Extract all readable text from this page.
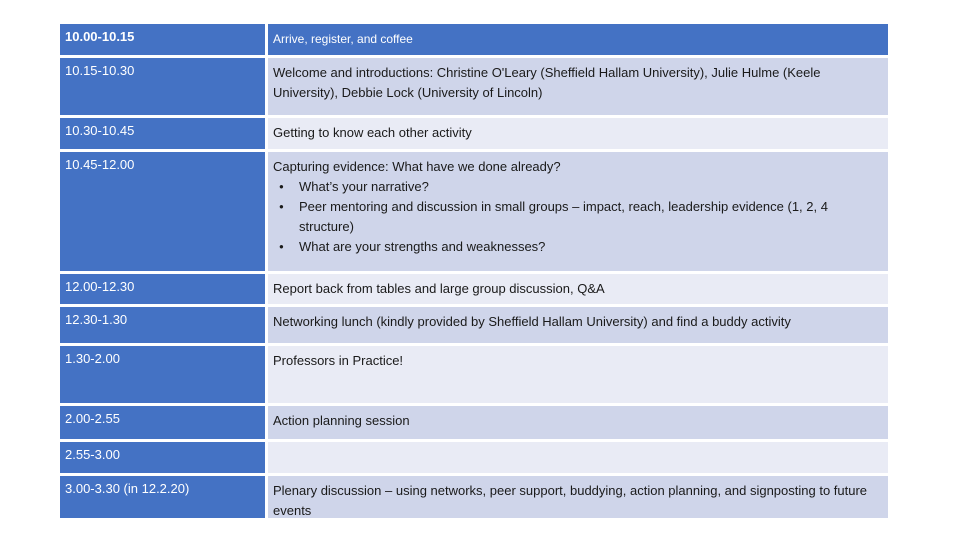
10.00-10.15	Arrive, register, and coffee
10.15-10.30	Welcome and introductions: Christine O'Leary (Sheffield Hallam University), Julie Hulme (Keele University), Debbie Lock (University of Lincoln)
10.30-10.45	Getting to know each other activity
10.45-12.00	Capturing evidence: What have we done already?
● What’s your narrative?
● Peer mentoring and discussion in small groups – impact, reach, leadership evidence (1, 2, 4 structure)
● What are your strengths and weaknesses?
12.00-12.30	Report back from tables and large group discussion, Q&A
12.30-1.30	Networking lunch (kindly provided by Sheffield Hallam University) and find a buddy activity
1.30-2.00	Professors in Practice!
2.00-2.55	Action planning session
2.55-3.00
3.00-3.30 (in 12.2.20)	Plenary discussion – using networks, peer support, buddying, action planning, and signposting to future events
